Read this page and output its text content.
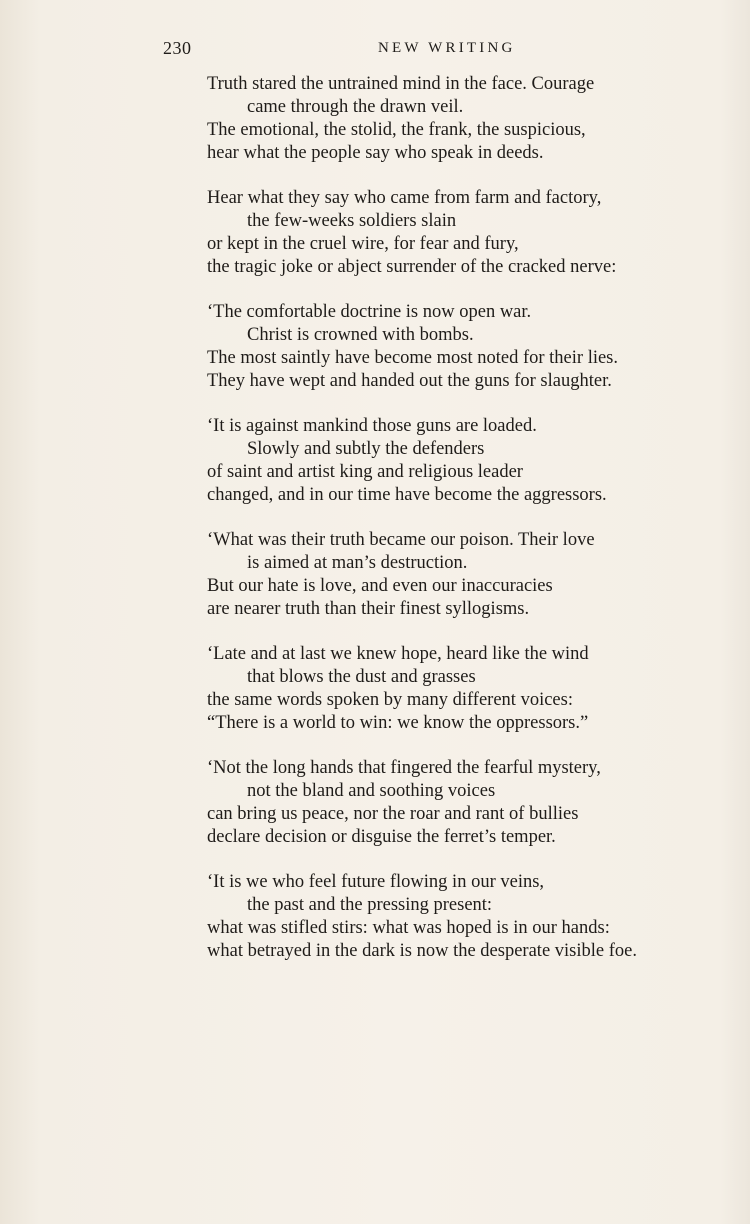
230	NEW WRITING
Truth stared the untrained mind in the face. Courage
came through the drawn veil.
The emotional, the stolid, the frank, the suspicious,
hear what the people say who speak in deeds.
Hear what they say who came from farm and factory,
the few-weeks soldiers slain
or kept in the cruel wire, for fear and fury,
the tragic joke or abject surrender of the cracked nerve:
‘The comfortable doctrine is now open war.
Christ is crowned with bombs.
The most saintly have become most noted for their lies.
They have wept and handed out the guns for slaughter.
‘It is against mankind those guns are loaded.
Slowly and subtly the defenders
of saint and artist king and religious leader
changed, and in our time have become the aggressors.
‘What was their truth became our poison. Their love
is aimed at man’s destruction.
But our hate is love, and even our inaccuracies
are nearer truth than their finest syllogisms.
‘Late and at last we knew hope, heard like the wind
that blows the dust and grasses
the same words spoken by many different voices:
“There is a world to win: we know the oppressors.”
‘Not the long hands that fingered the fearful mystery,
not the bland and soothing voices
can bring us peace, nor the roar and rant of bullies
declare decision or disguise the ferret’s temper.
‘It is we who feel future flowing in our veins,
the past and the pressing present:
what was stifled stirs: what was hoped is in our hands:
what betrayed in the dark is now the desperate visible foe.
